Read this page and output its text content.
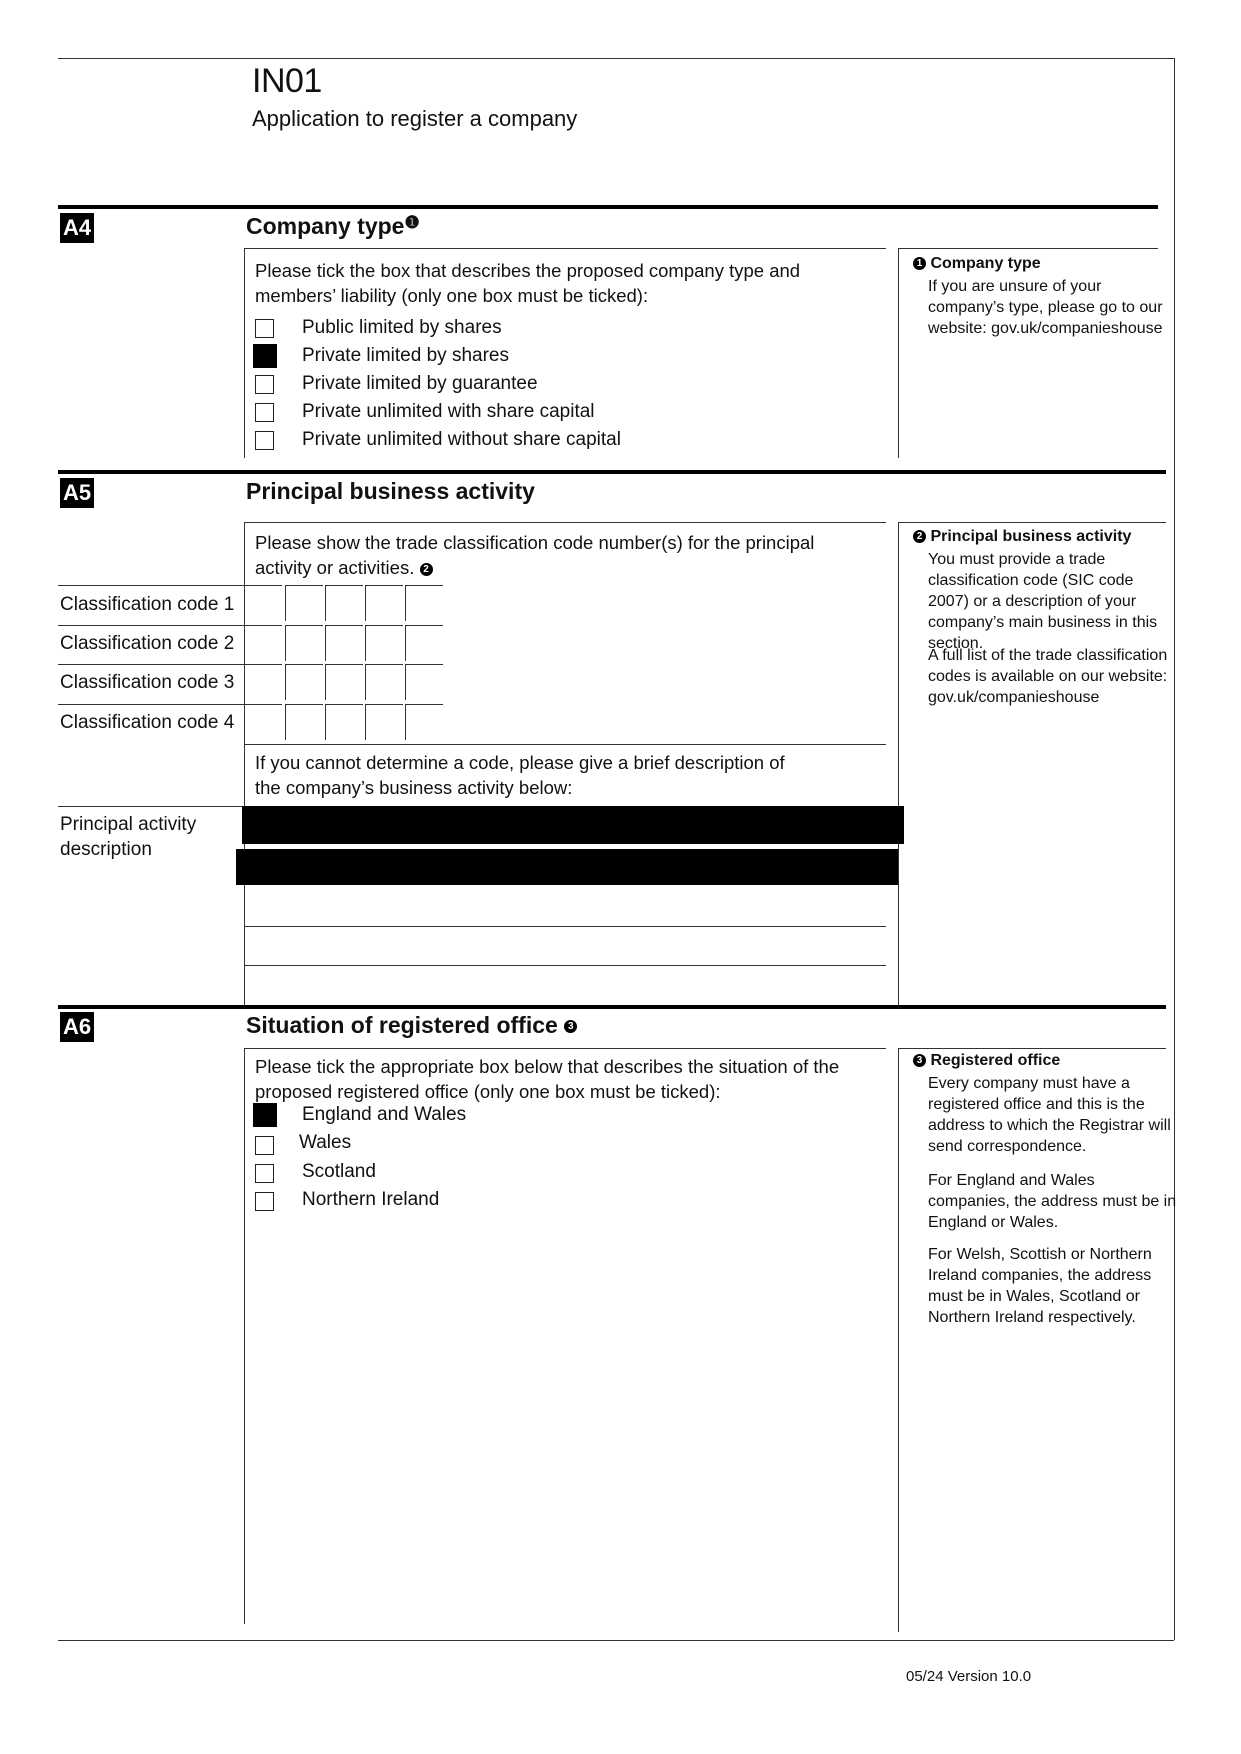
IN01
Application to register a company
A4	Company type$^❶$
Please tick the box that describes the proposed company type and members’ liability (only one box must be ticked):
Public limited by shares
Private limited by shares
Private limited by guarantee
Private unlimited with share capital
Private unlimited without share capital
1 Company type
If you are unsure of your company’s type, please go to our website: gov.uk/companieshouse
A5	Principal business activity
Please show the trade classification code number(s) for the principal activity or activities. 2
Classification code 1
Classification code 2
Classification code 3
Classification code 4
If you cannot determine a code, please give a brief description of the company’s business activity below:
Principal activity description
2 Principal business activity
You must provide a trade classification code (SIC code 2007) or a description of your company’s main business in this section.
A full list of the trade classification codes is available on our website: gov.uk/companieshouse
A6	Situation of registered office 3
Please tick the appropriate box below that describes the situation of the proposed registered office (only one box must be ticked):
England and Wales
Wales
Scotland
Northern Ireland
3 Registered office
Every company must have a registered office and this is the address to which the Registrar will send correspondence.
For England and Wales companies, the address must be in England or Wales.
For Welsh, Scottish or Northern Ireland companies, the address must be in Wales, Scotland or Northern Ireland respectively.
05/24 Version 10.0
